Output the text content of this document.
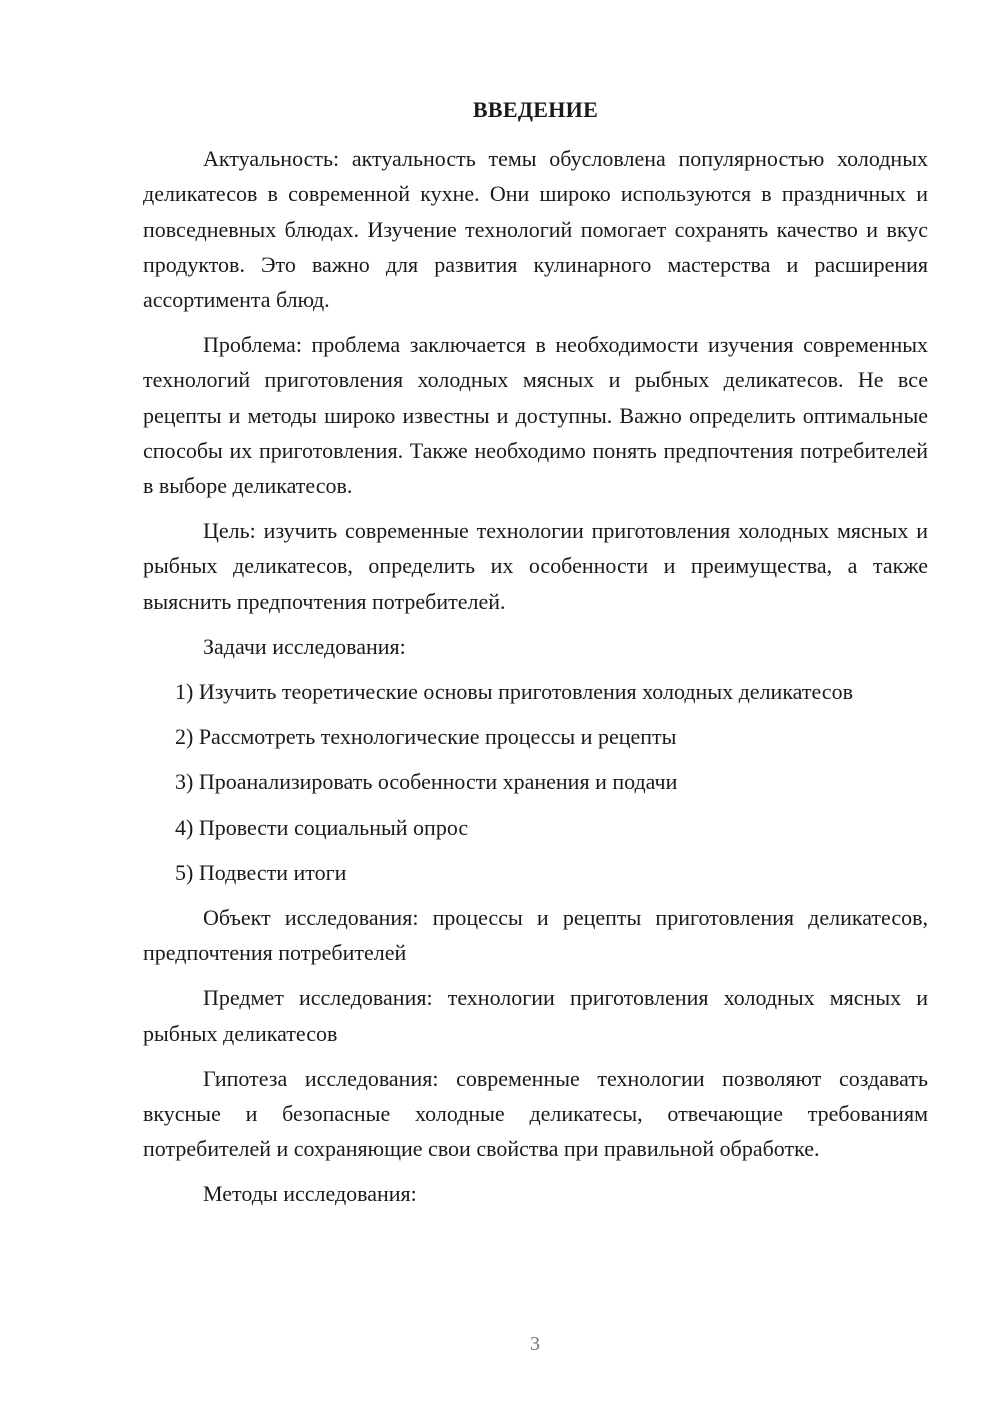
ВВЕДЕНИЕ

Актуальность: актуальность темы обусловлена популярностью холодных деликатесов в современной кухне. Они широко используются в праздничных и повседневных блюдах. Изучение технологий помогает сохранять качество и вкус продуктов. Это важно для развития кулинарного мастерства и расширения ассортимента блюд.

Проблема: проблема заключается в необходимости изучения современных технологий приготовления холодных мясных и рыбных деликатесов. Не все рецепты и методы широко известны и доступны. Важно определить оптимальные способы их приготовления. Также необходимо понять предпочтения потребителей в выборе деликатесов.

Цель: изучить современные технологии приготовления холодных мясных и рыбных деликатесов, определить их особенности и преимущества, а также выяснить предпочтения потребителей.

Задачи исследования:

1) Изучить теоретические основы приготовления холодных деликатесов
2) Рассмотреть технологические процессы и рецепты
3) Проанализировать особенности хранения и подачи
4) Провести социальный опрос
5) Подвести итоги

Объект исследования: процессы и рецепты приготовления деликатесов, предпочтения потребителей

Предмет исследования: технологии приготовления холодных мясных и рыбных деликатесов

Гипотеза исследования: современные технологии позволяют создавать вкусные и безопасные холодные деликатесы, отвечающие требованиям потребителей и сохраняющие свои свойства при правильной обработке.

Методы исследования:

3
